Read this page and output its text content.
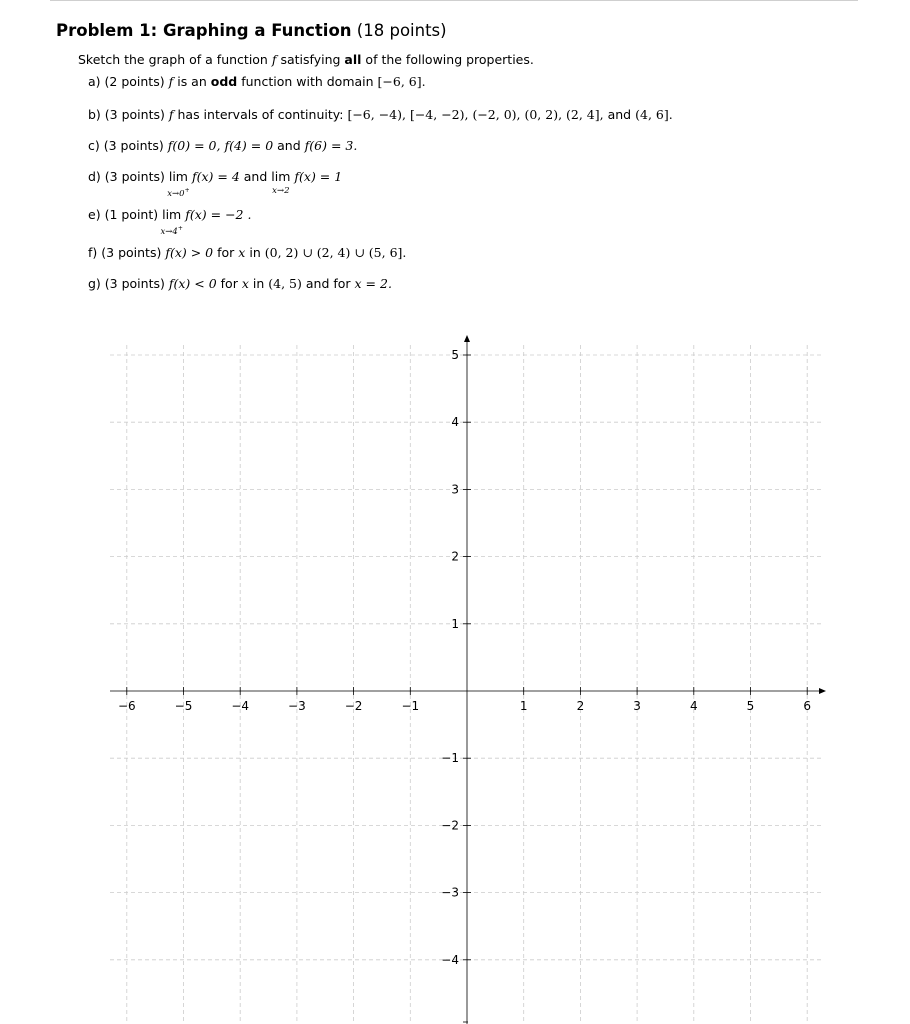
Problem 1: Graphing a Function (18 points)
Sketch the graph of a function f satisfying all of the following properties.
a) (2 points) f is an odd function with domain [−6, 6].
b) (3 points) f has intervals of continuity: [−6, −4), [−4, −2), (−2, 0), (0, 2), (2, 4], and (4, 6].
c) (3 points) f(0) = 0, f(4) = 0 and f(6) = 3.
d) (3 points) lim
x→0+
f(x) = 4 and lim
x→2
f(x) = 1
e) (1 point) lim
x→4+
f(x) = −2 .
f) (3 points) f(x) > 0 for x in (0, 2) ∪ (2, 4) ∪ (5, 6].
g) (3 points) f(x) < 0 for x in (4, 5) and for x = 2.
−6	−5	−4	−3	−2	−1	1	2	3	4	5	6
5
4
3
2
1
−1
−2
−3
−4
